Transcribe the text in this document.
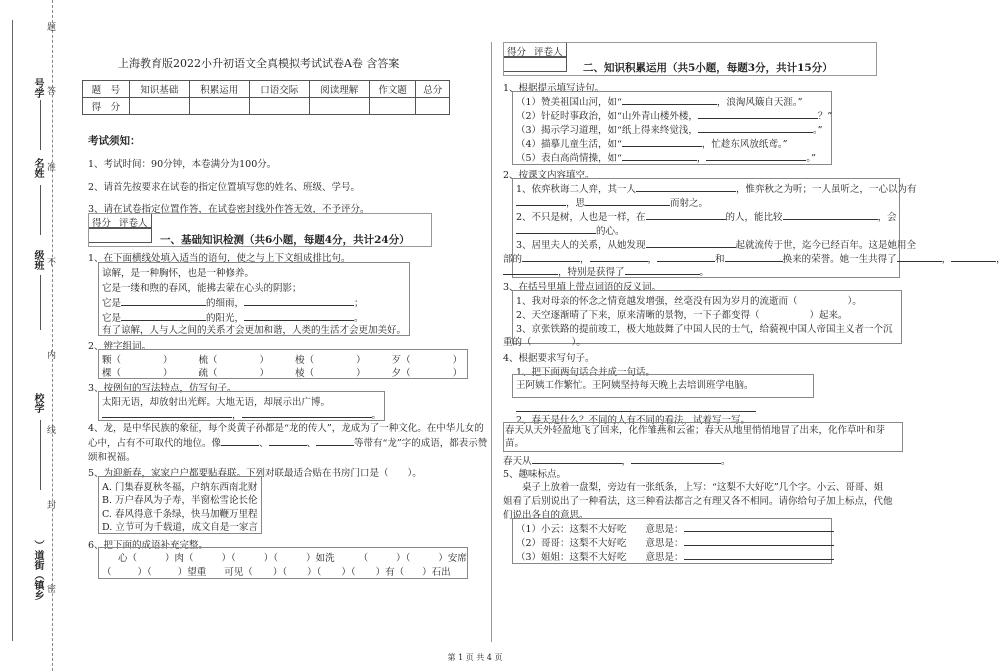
号学
名姓
级班
校学
）道街（镇乡
题
答
准
不
内
线
封
密
上海教育版2022小升初语文全真模拟考试试卷A卷 含答案
题　号	知识基础	积累运用	口语交际	阅读理解	作文题	总分
得　分						
考试须知：
1、考试时间：90分钟，本卷满分为100分。
2、请首先按要求在试卷的指定位置填写您的姓名、班级、学号。
3、请在试卷指定位置作答，在试卷密封线外作答无效，不予评分。
得分 评卷人
一、基础知识检测（共6小题，每题4分，共计24分）
1、在下面横线处填入适当的语句，使之与上下文组成排比句。
谅解，是一种胸怀，也是一种修养。
它是一缕和煦的春风，能拂去蒙在心头的阴影；
它是	的细雨，	；
它是	的阳光，	。
有了谅解，人与人之间的关系才会更加和谐，人类的生活才会更加美好。
2、辨字组词。
颗（	）	梳（	）	梭（	）	歹（	）
棵（	）	疏（	）	棱（	）	夕（	）
3、按例句的写法特点，仿写句子。
太阳无语，却放射出光辉。大地无语，却展示出广博。
，	。
4、龙，是中华民族的象征，每个炎黄子孙都是“龙的传人”，龙成为了一种文化。在中华儿女的心中，占有不可取代的地位。像	、	、	等带有“龙”字的成语，都表示赞颂和祝福。
5、为迎新春，家家户户都要贴春联。下列对联最适合贴在书房门口是（　　）。
A. 门集春夏秋冬福，户纳东西南北财
B. 万户春风为子寿，半窗松雪论长伦
C. 春风得意千条绿，快马加鞭万里程
D. 立节可为千载道，成文自是一家言
6、把下面的成语补充完整。
心（	）肉（	）（	）（	）如洗	（	）（	）安席
（	）（	）望重 可见（ ）（ ）（ ）（ ）有（ ）石出
得分 评卷人
二、知识积累运用（共5小题，每题3分，共计15分）
1、根据提示填写诗句。
（1）赞美祖国山河，如“	，浪淘风簸自天涯。”
（2）针砭时事政治，如“山外青山楼外楼，	？”
（3）揭示学习道理，如“纸上得来终觉浅，	。”
（4）描摹儿童生活，如“	，忙趁东风放纸鸢。”
（5）表白高尚情操，如“	，	。”
2、按课文内容填空。
1、依弈秋诲二人弈，其一人	，惟弈秋之为听；一人虽听之，一心以为有
，思	而射之。
2、不只是树，人也是一样，在	的人，能比较	，会
的心。
3、居里夫人的关系，从她发现	起就流传于世，迄今已经百年。这是她用全
部的	，	，	和	换来的荣誉。她一生共得了	，	，
，特别是获得了	。
3、在括号里填上带点词语的反义词。
1、我对母亲的怀念之情竟越发增强，丝毫没有因为岁月的流逝而（	）。
2、天空逐渐晴了下来，原来清晰的景物，一下子都变得（	）起来。
3、京张铁路的提前竣工，极大地鼓舞了中国人民的士气，给藐视中国人帝国主义者一个沉
重的（	）。
4、根据要求写句子。
1、把下面两句话合并成一句话。
王阿姨工作繁忙。王阿姨坚持每天晚上去培训班学电脑。
2、春天是什么？不同的人有不同的看法，试着写一写。
春天从天外轻盈地飞了回来，化作雏燕和云雀；春天从地里悄悄地冒了出来，化作草叶和芽苗。
春天从	，	。
5、趣味标点。
桌子上放着一盘梨，旁边有一张纸条，上写：“这梨不大好吃”几个字。小云、哥哥、姐
姐看了后别说出了一种看法，这三种看法都言之有理又各不相同。请你给句子加上标点，代他
们说出各自的意思。
（1）小云：这梨不大好吃　　意思是：
（2）哥哥：这梨不大好吃　　意思是：
（3）姐姐：这梨不大好吃　　意思是：
第 1 页 共 4 页
